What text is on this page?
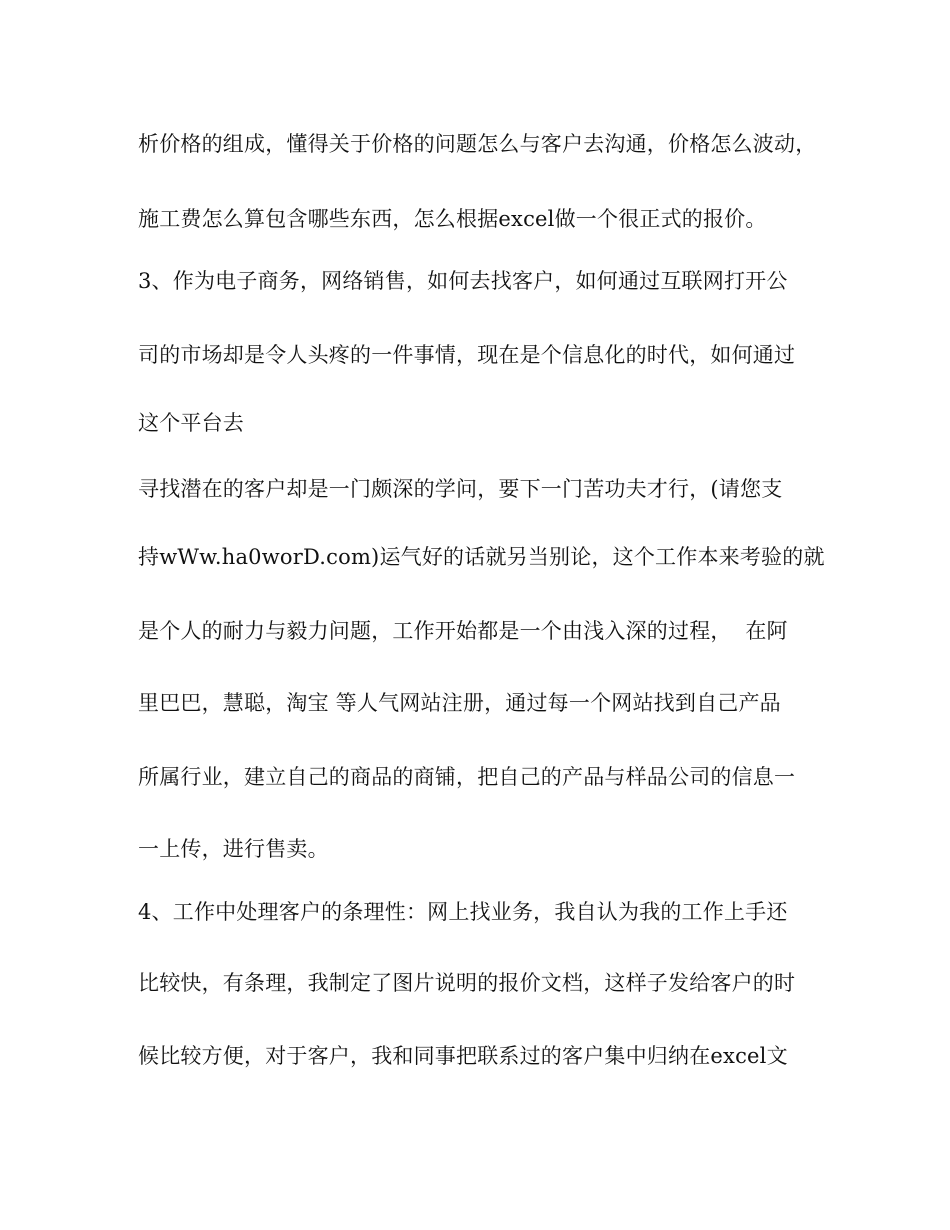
析价格的组成，懂得关于价格的问题怎么与客户去沟通，价格怎么波动，
施工费怎么算包含哪些东西，怎么根据excel做一个很正式的报价。
3、作为电子商务，网络销售，如何去找客户，如何通过互联网打开公
司的市场却是令人头疼的一件事情，现在是个信息化的时代，如何通过
这个平台去
寻找潜在的客户却是一门颇深的学问，要下一门苦功夫才行，(请您支
持wWw.ha0worD.com)运气好的话就另当别论，这个工作本来考验的就
是个人的耐力与毅力问题，工作开始都是一个由浅入深的过程，  在阿
里巴巴，慧聪，淘宝 等人气网站注册，通过每一个网站找到自己产品
所属行业，建立自己的商品的商铺，把自己的产品与样品公司的信息一
一上传，进行售卖。
4、工作中处理客户的条理性：网上找业务，我自认为我的工作上手还
比较快，有条理，我制定了图片说明的报价文档，这样子发给客户的时
候比较方便，对于客户，我和同事把联系过的客户集中归纳在excel文
